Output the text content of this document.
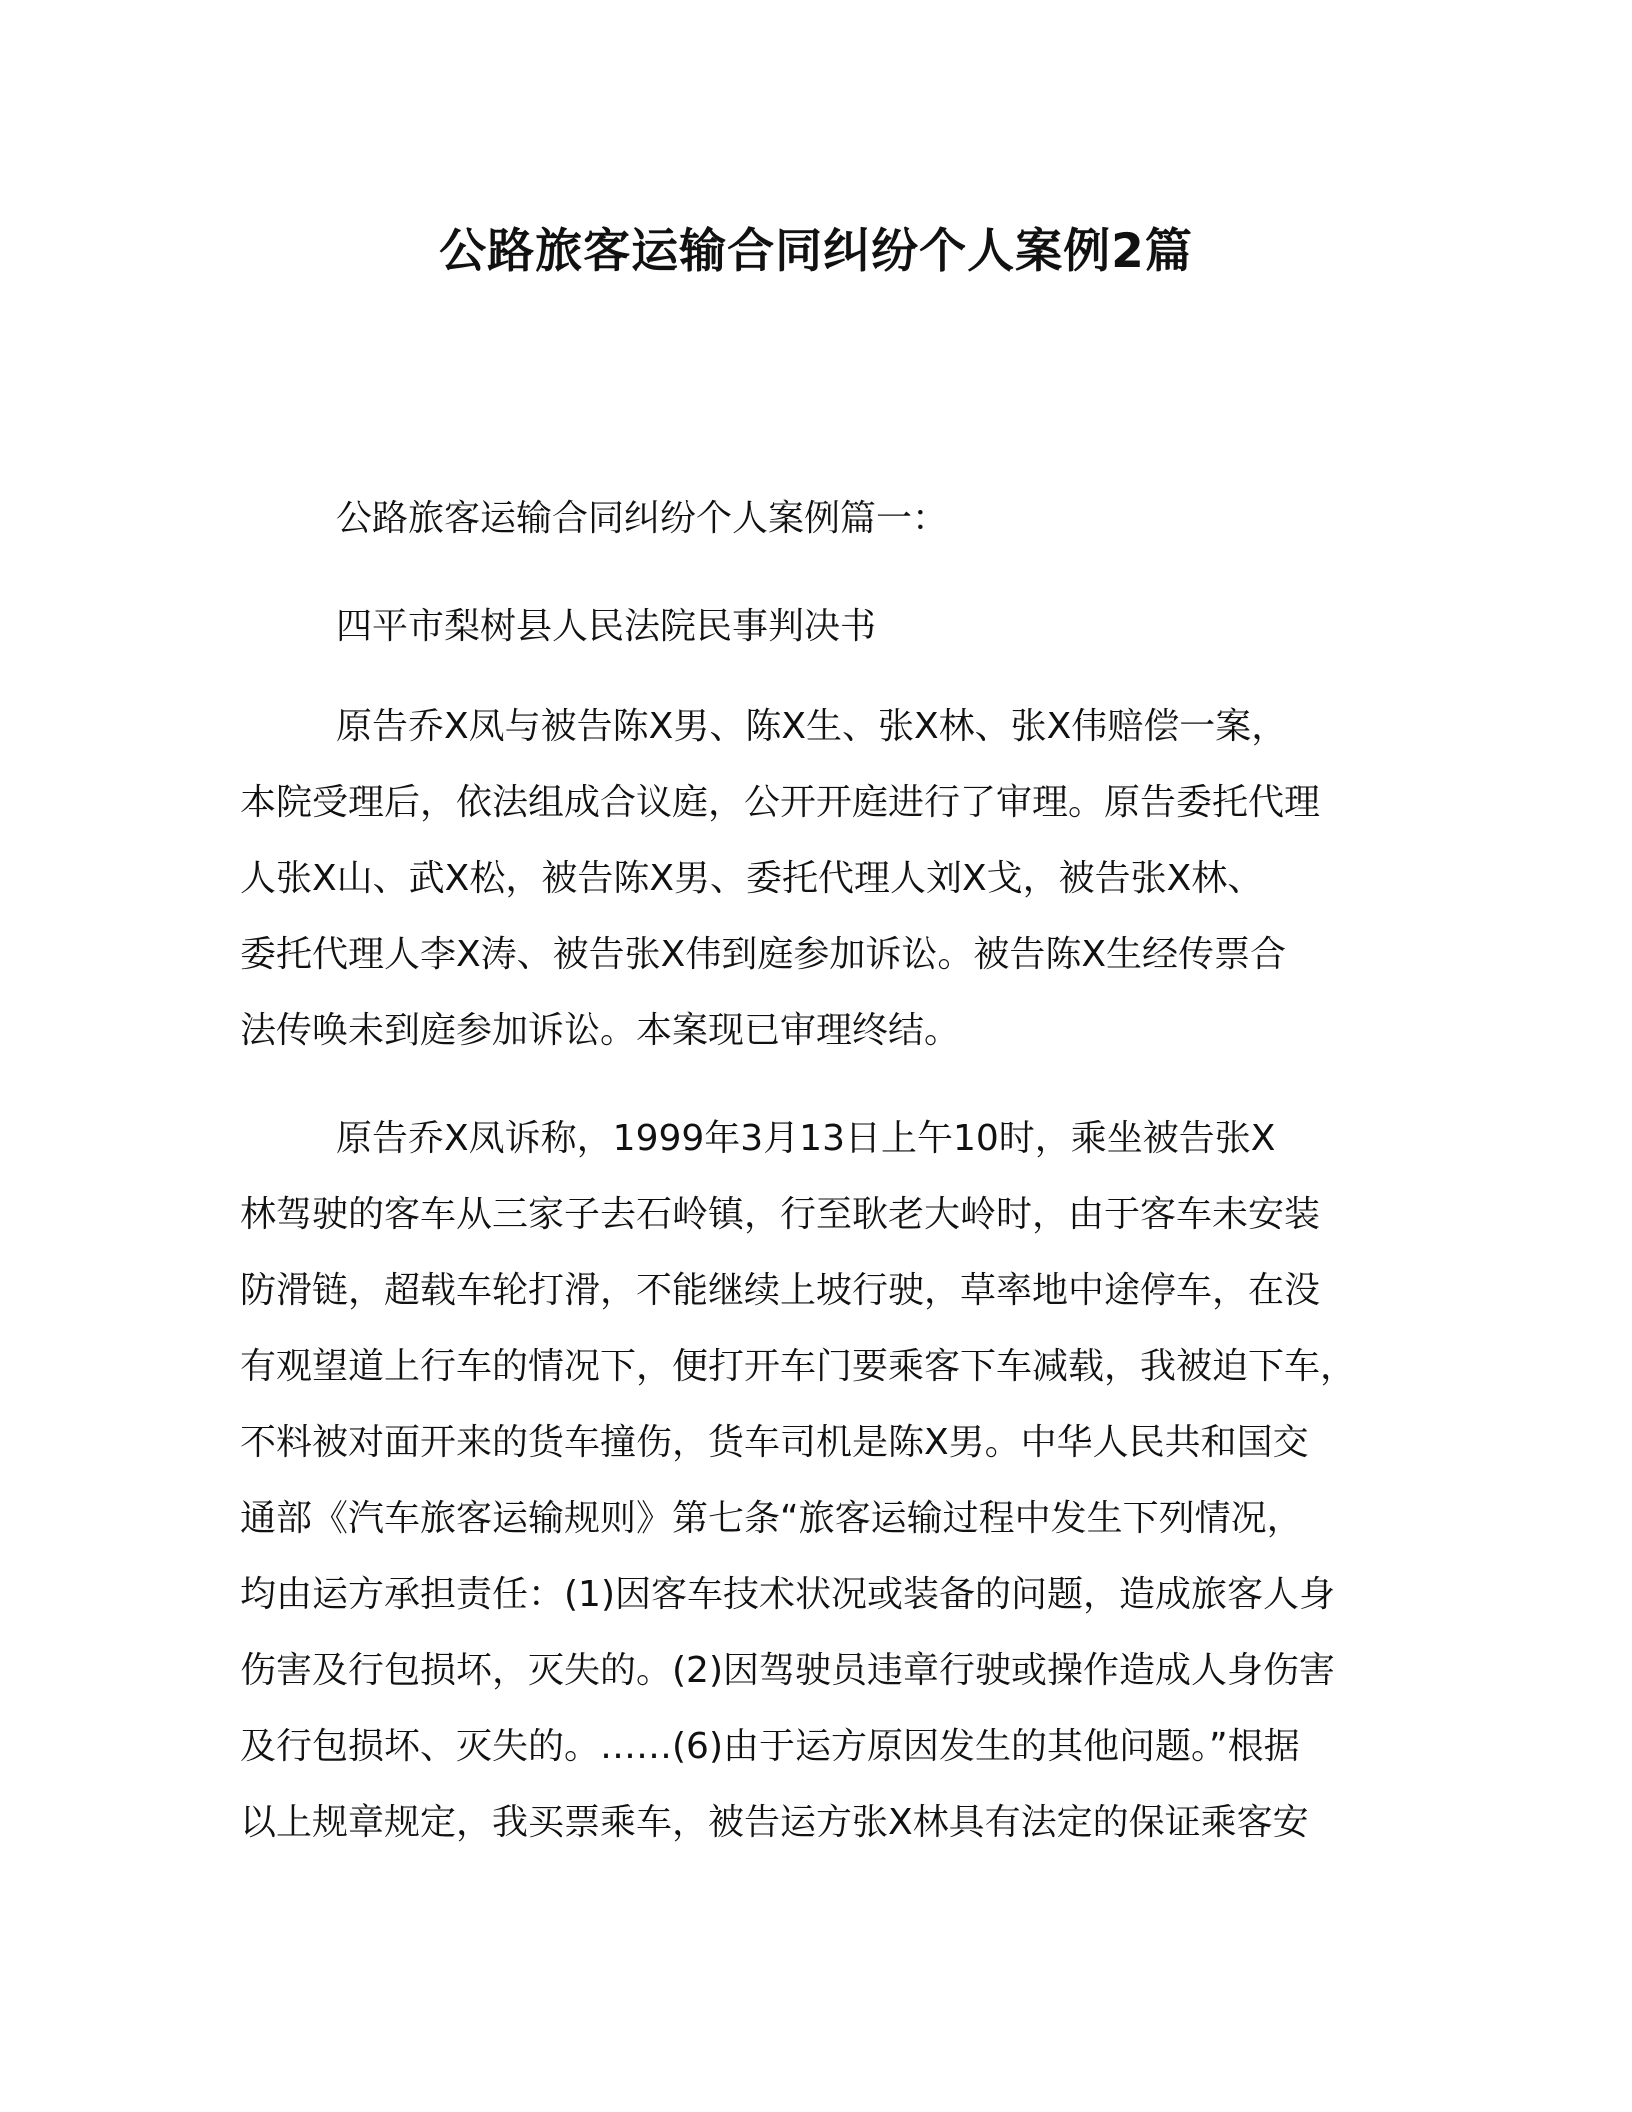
公路旅客运输合同纠纷个人案例2篇
公路旅客运输合同纠纷个人案例篇一：
四平市梨树县人民法院民事判决书
原告乔X凤与被告陈X男、陈X生、张X林、张X伟赔偿一案，
本院受理后，依法组成合议庭，公开开庭进行了审理。原告委托代理
人张X山、武X松，被告陈X男、委托代理人刘X戈，被告张X林、
委托代理人李X涛、被告张X伟到庭参加诉讼。被告陈X生经传票合
法传唤未到庭参加诉讼。本案现已审理终结。
原告乔X凤诉称，1999年3月13日上午10时，乘坐被告张X
林驾驶的客车从三家子去石岭镇，行至耿老大岭时，由于客车未安装
防滑链，超载车轮打滑，不能继续上坡行驶，草率地中途停车，在没
有观望道上行车的情况下，便打开车门要乘客下车减载，我被迫下车，
不料被对面开来的货车撞伤，货车司机是陈X男。中华人民共和国交
通部《汽车旅客运输规则》第七条“旅客运输过程中发生下列情况，
均由运方承担责任：(1)因客车技术状况或装备的问题，造成旅客人身
伤害及行包损坏，灭失的。(2)因驾驶员违章行驶或操作造成人身伤害
及行包损坏、灭失的。……(6)由于运方原因发生的其他问题。”根据
以上规章规定，我买票乘车，被告运方张X林具有法定的保证乘客安
